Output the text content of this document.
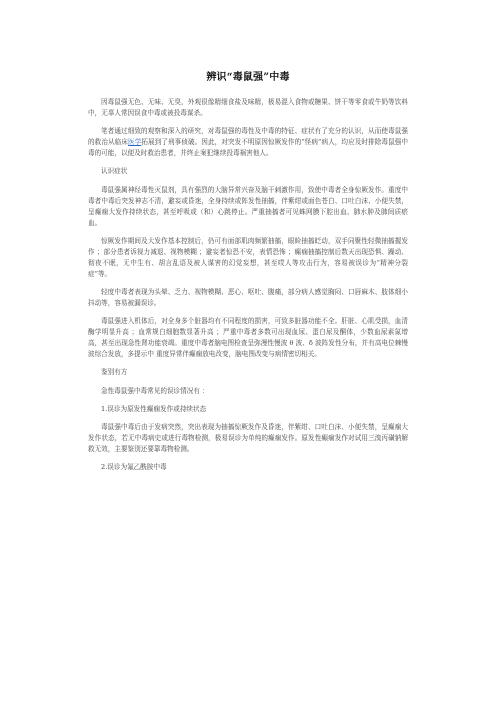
辨识“毒鼠强”中毒

因毒鼠强无色、无味、无臭，外观很像精细食盐及味精，极易混入食物或糖果、饼干等零食或牛奶等饮料中，无辜人常因误食中毒或被投毒谋杀。

笔者通过细致的观察和深入的研究，对毒鼠强的毒性及中毒的特征、症状有了充分的认识，从而使毒鼠强的救治从临床医学拓展到了刑事侦破。因此，对突发不明原因惊厥发作的“怪病”病人，均应及时排除毒鼠强中毒的可能，以便及时救治患者，并终止案犯继续投毒祸害他人。

认识症状

毒鼠强属神经毒性灭鼠剂，具有强烈的大脑异常兴奋及脑干刺激作用，致使中毒者全身惊厥发作。重度中毒者中毒后突发神志不清，避妄或昏迷，全身持续或阵发性抽搐，伴紫绀或面色苍白、口吐白沫、小便失禁，呈癫痫大发作持续状态，甚至呼吸或（和）心跳停止。严重抽搐者可见蛛网膜下腔出血、肺水肿及肺间质瘀血。

惊厥发作期间及大发作基本控制后，仍可有面部肌肉频繁抽搐，眼睑抽搐眨动，双手同聚性轻微抽搐握发作 ；部分患者诉视力减退、视物模糊 ；避妄者惊恐不安，表情恐怖 ；癫痫抽搐控制后数天出现恐惧、躁动、彻夜不眠，无中生有、胡言乱语及被人谋害的幻觉妄想，甚至哎人等攻击行为，容易被误诊为“精神分裂症”等。

轻度中毒者表现为头晕、乏力、视物模糊、恶心、呕吐、腹痛，部分病人感觉胸闷、口唇麻木、肢体细小抖动等，容易被漏误诊。

毒鼠强进入机体后，对全身多个脏器均有不同程度的损害，可致多脏器功能不全。肝脏、心肌受损，血清酶学明显升高 ；血常规白细胞数显著升高 ；严重中毒者多数可出现血尿、蛋白尿及酮体，少数血尿素氮增高，甚至出现急性肾功能衰竭。重度中毒者脑电图检查呈弥漫性慢波 θ 波、δ 波阵发性分布，并有高电位棘慢波综合发放，多提示中 重度异常伴癫痫放电改变，脑电图改变与病情密切相关。

鉴别有方

急性毒鼠强中毒常见的误诊情况有 ：

1.误诊为原发性癫痫发作或持续状态

毒鼠强中毒后由于发病突然，突出表现为抽搐惊厥发作及昏迷，伴紫绀、口吐白沫、小便失禁，呈癫痫大发作状态，若无中毒病史或进行毒物检测，极易误诊为单纯的癫痫发作。原发性癫痫发作对试用三溴丙磺钠解救无效，主要鉴别还要靠毒物检测。

2.误诊为氟乙酰胺中毒
